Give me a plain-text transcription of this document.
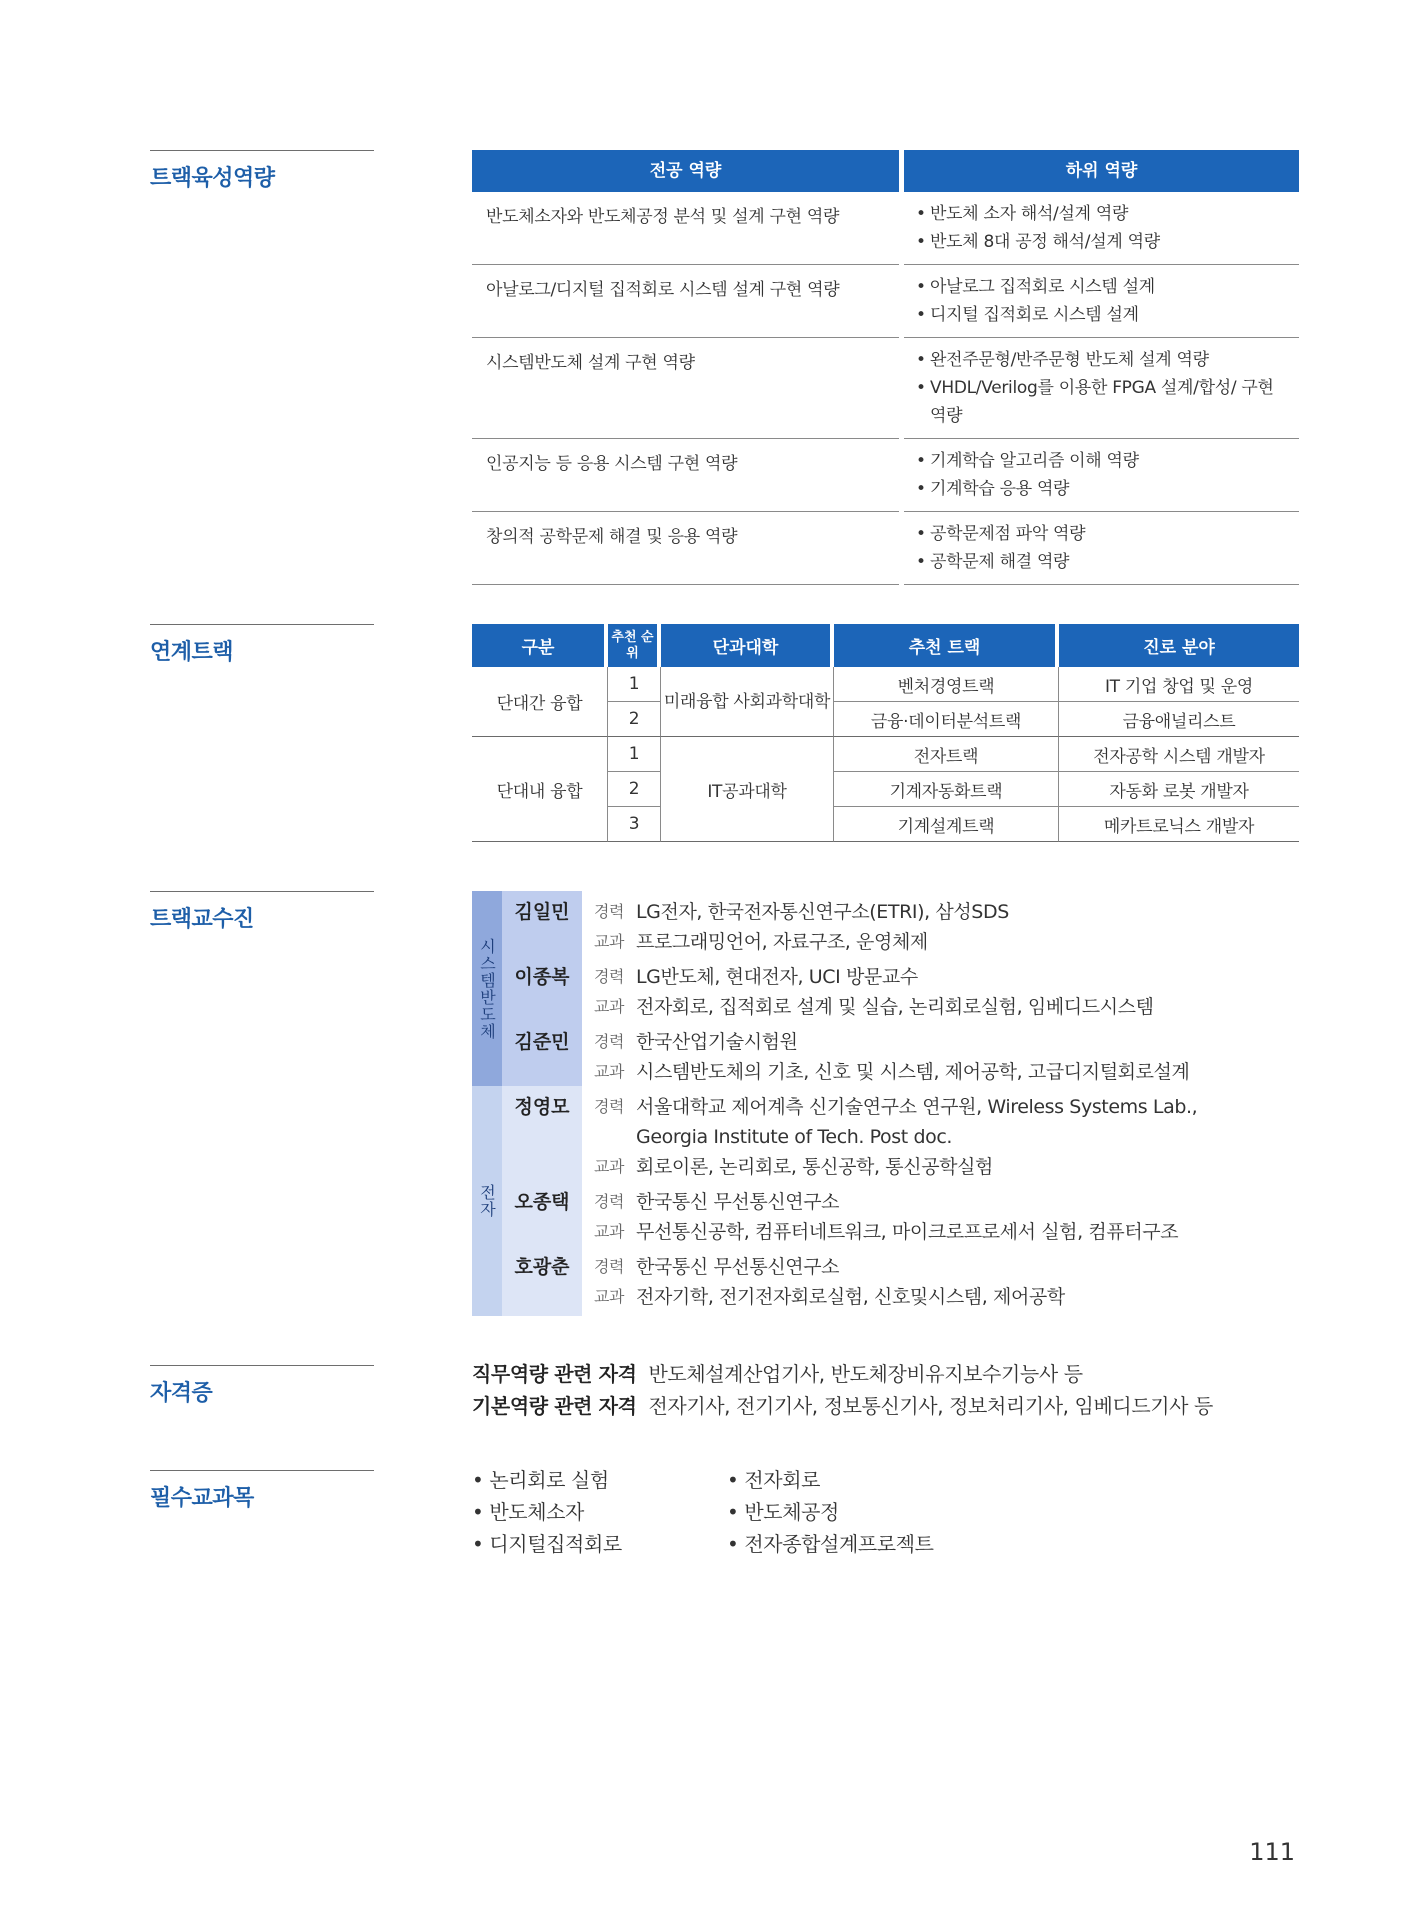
트랙육성역량
연계트랙
트랙교수진
자격증
필수교과목
전공 역량	하위 역량
반도체소자와 반도체공정 분석 및 설계 구현 역량	• 반도체 소자 해석/설계 역량
• 반도체 8대 공정 해석/설계 역량
아날로그/디지털 집적회로 시스템 설계 구현 역량	• 아날로그 집적회로 시스템 설계
• 디지털 집적회로 시스템 설계
시스템반도체 설계 구현 역량	• 완전주문형/반주문형 반도체 설계 역량
• VHDL/Verilog를 이용한 FPGA 설계/합성/ 구현 역량
인공지능 등 응용 시스템 구현 역량	• 기계학습 알고리즘 이해 역량
• 기계학습 응용 역량
창의적 공학문제 해결 및 응용 역량	• 공학문제점 파악 역량
• 공학문제 해결 역량
구분	추천 순위	단과대학	추천 트랙	진로 분야
단대간 융합	1	미래융합 사회과학대학	벤처경영트랙	IT 기업 창업 및 운영
	2		금융·데이터분석트랙	금융애널리스트
단대내 융합	1	IT공과대학	전자트랙	전자공학 시스템 개발자
	2		기계자동화트랙	자동화 로봇 개발자
	3		기계설계트랙	메카트로닉스 개발자
시스템반도체
김일민	경력 LG전자, 한국전자통신연구소(ETRI), 삼성SDS
교과 프로그래밍언어, 자료구조, 운영체제
이종복	경력 LG반도체, 현대전자, UCI 방문교수
교과 전자회로, 집적회로 설계 및 실습, 논리회로실험, 임베디드시스템
김준민	경력 한국산업기술시험원
교과 시스템반도체의 기초, 신호 및 시스템, 제어공학, 고급디지털회로설계
전자
정영모	경력 서울대학교 제어계측 신기술연구소 연구원, Wireless Systems Lab.,
Georgia Institute of Tech. Post doc.
교과 회로이론, 논리회로, 통신공학, 통신공학실험
오종택	경력 한국통신 무선통신연구소
교과 무선통신공학, 컴퓨터네트워크, 마이크로프로세서 실험, 컴퓨터구조
호광춘	경력 한국통신 무선통신연구소
교과 전자기학, 전기전자회로실험, 신호및시스템, 제어공학
직무역량 관련 자격 반도체설계산업기사, 반도체장비유지보수기능사 등
기본역량 관련 자격 전자기사, 전기기사, 정보통신기사, 정보처리기사, 임베디드기사 등
• 논리회로 실험
• 반도체소자
• 디지털집적회로
• 전자회로
• 반도체공정
• 전자종합설계프로젝트
111
